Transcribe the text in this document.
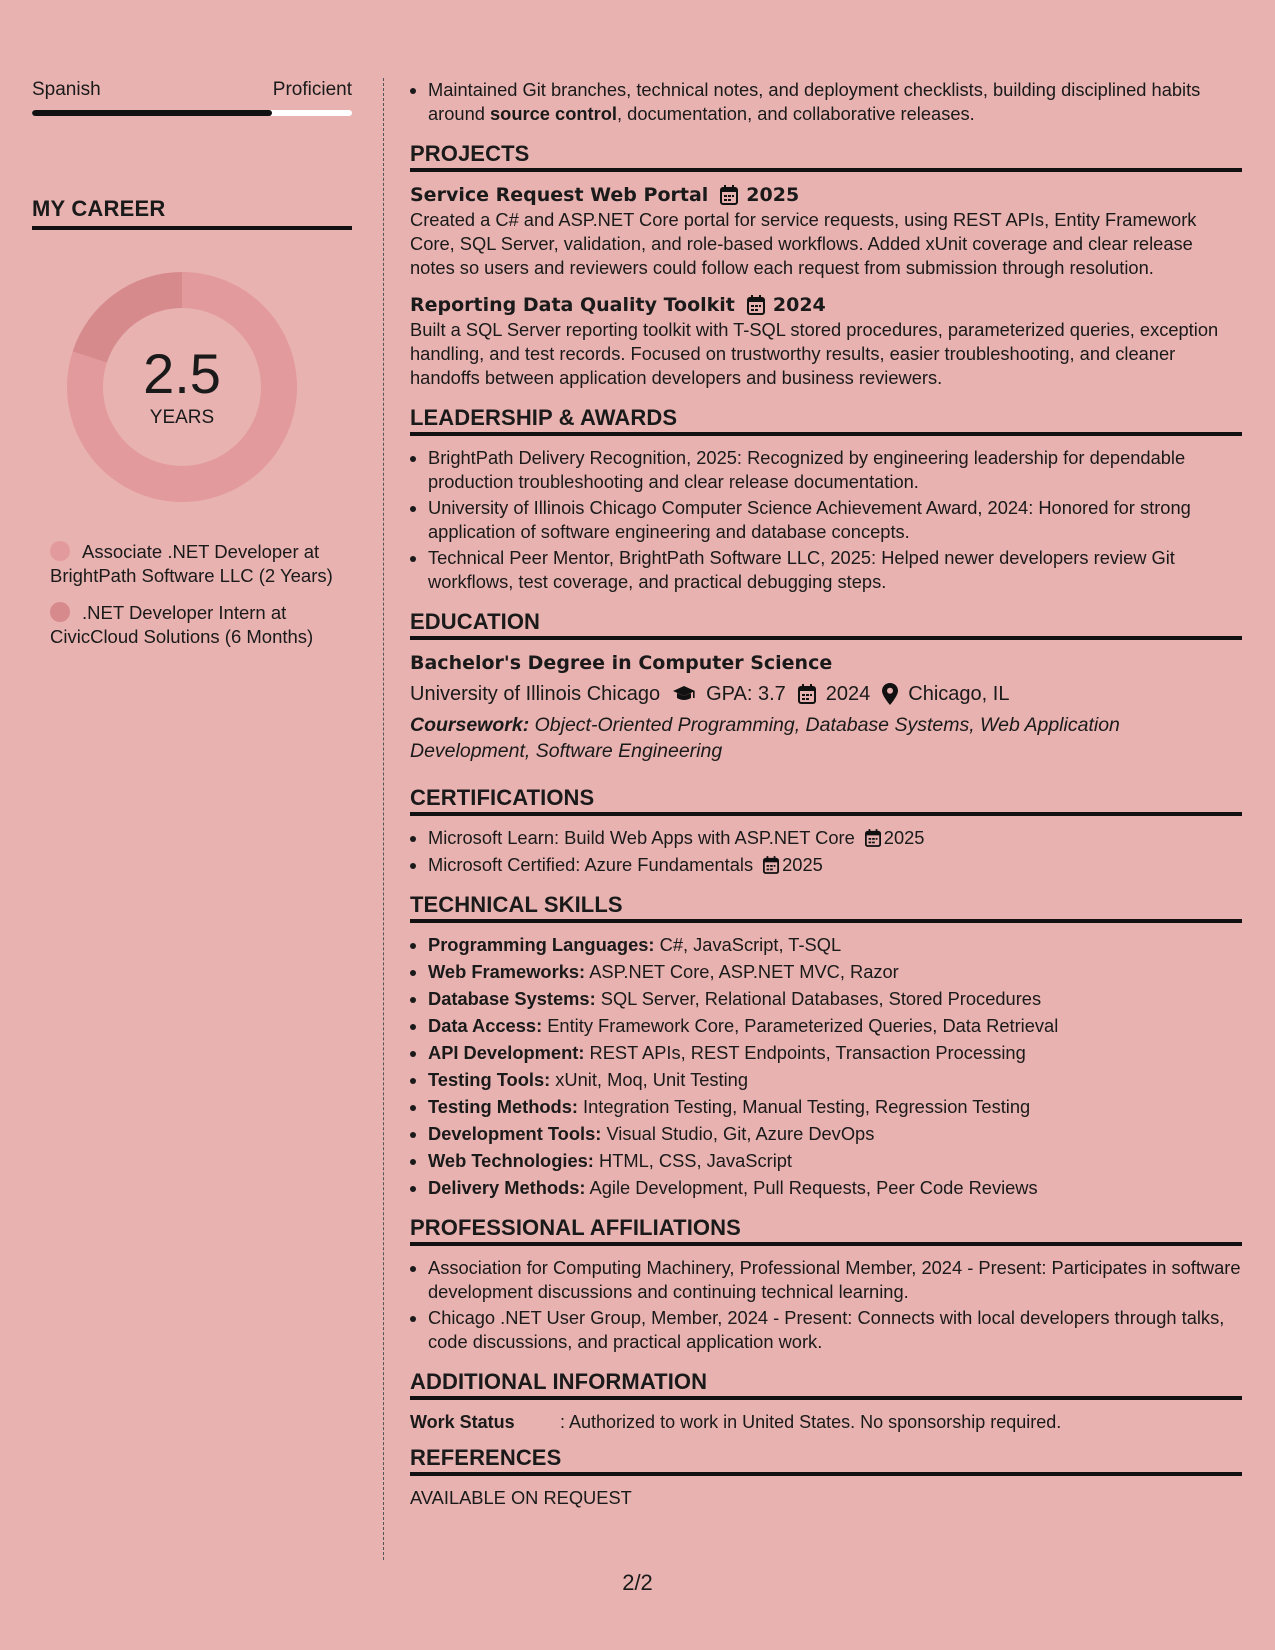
Spanish	Proficient
MY CAREER
2.5
YEARS
Associate .NET Developer at BrightPath Software LLC (2 Years)
.NET Developer Intern at CivicCloud Solutions (6 Months)
• Maintained Git branches, technical notes, and deployment checklists, building disciplined habits around source control, documentation, and collaborative releases.
PROJECTS
Service Request Web Portal 2025
Created a C# and ASP.NET Core portal for service requests, using REST APIs, Entity Framework Core, SQL Server, validation, and role-based workflows. Added xUnit coverage and clear release notes so users and reviewers could follow each request from submission through resolution.
Reporting Data Quality Toolkit 2024
Built a SQL Server reporting toolkit with T-SQL stored procedures, parameterized queries, exception handling, and test records. Focused on trustworthy results, easier troubleshooting, and cleaner handoffs between application developers and business reviewers.
LEADERSHIP & AWARDS
• BrightPath Delivery Recognition, 2025: Recognized by engineering leadership for dependable production troubleshooting and clear release documentation.
• University of Illinois Chicago Computer Science Achievement Award, 2024: Honored for strong application of software engineering and database concepts.
• Technical Peer Mentor, BrightPath Software LLC, 2025: Helped newer developers review Git workflows, test coverage, and practical debugging steps.
EDUCATION
Bachelor's Degree in Computer Science
University of Illinois Chicago GPA: 3.7 2024 Chicago, IL
Coursework: Object-Oriented Programming, Database Systems, Web Application Development, Software Engineering
CERTIFICATIONS
• Microsoft Learn: Build Web Apps with ASP.NET Core 2025
• Microsoft Certified: Azure Fundamentals 2025
TECHNICAL SKILLS
• Programming Languages: C#, JavaScript, T-SQL
• Web Frameworks: ASP.NET Core, ASP.NET MVC, Razor
• Database Systems: SQL Server, Relational Databases, Stored Procedures
• Data Access: Entity Framework Core, Parameterized Queries, Data Retrieval
• API Development: REST APIs, REST Endpoints, Transaction Processing
• Testing Tools: xUnit, Moq, Unit Testing
• Testing Methods: Integration Testing, Manual Testing, Regression Testing
• Development Tools: Visual Studio, Git, Azure DevOps
• Web Technologies: HTML, CSS, JavaScript
• Delivery Methods: Agile Development, Pull Requests, Peer Code Reviews
PROFESSIONAL AFFILIATIONS
• Association for Computing Machinery, Professional Member, 2024 - Present: Participates in software development discussions and continuing technical learning.
• Chicago .NET User Group, Member, 2024 - Present: Connects with local developers through talks, code discussions, and practical application work.
ADDITIONAL INFORMATION
Work Status	: Authorized to work in United States. No sponsorship required.
REFERENCES
AVAILABLE ON REQUEST
2/2
